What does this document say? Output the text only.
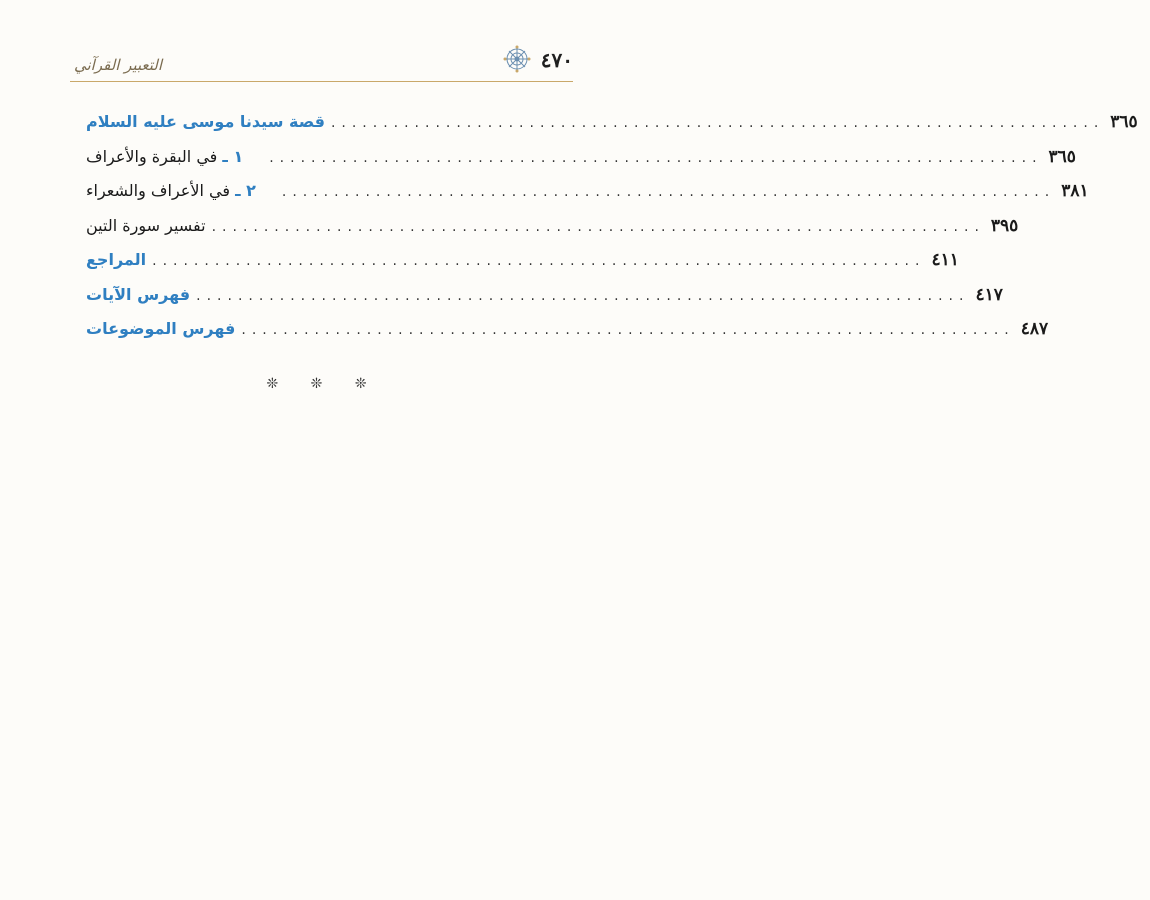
٤٧٠
التعبير القرآني
قصة سيدنا موسى عليه السلام .......................................................................... ٣٦٥
١ ـ في البقرة والأعراف	.......................................................................... ٣٦٥
٢ ـ في الأعراف والشعراء	.......................................................................... ٣٨١
تفسير سورة التين .......................................................................... ٣٩٥
المراجع .......................................................................... ٤١١
فهرس الآيات .......................................................................... ٤١٧
فهرس الموضوعات .......................................................................... ٤٨٧
❊ ❊ ❊
